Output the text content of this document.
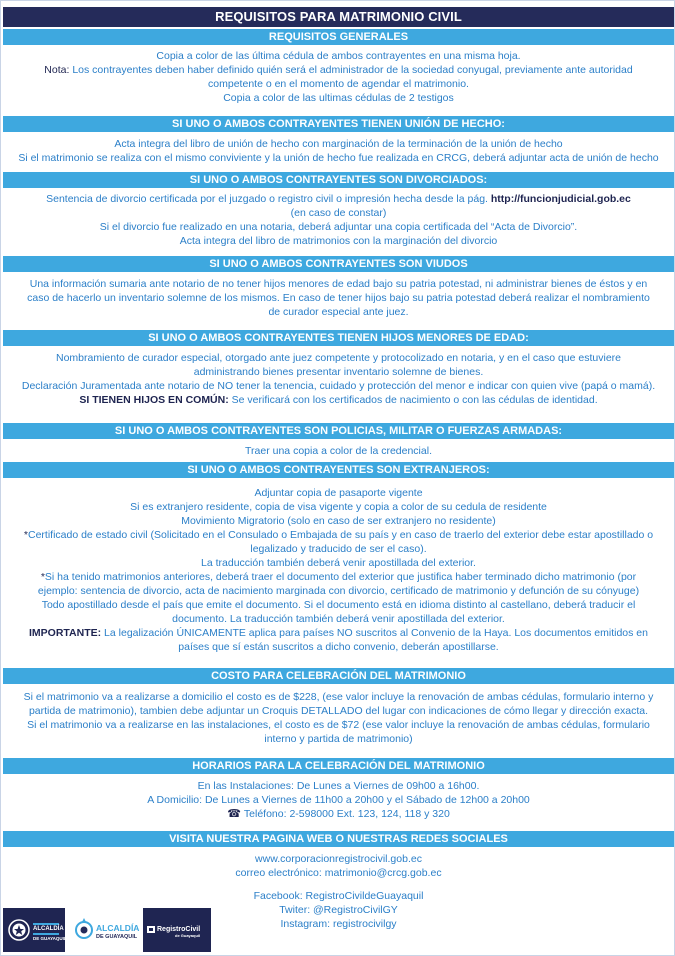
REQUISITOS PARA MATRIMONIO CIVIL
REQUISITOS GENERALES
Copia a color de las última cédula de ambos contrayentes en una misma hoja.
Nota: Los contrayentes deben haber definido quién será el administrador de la sociedad conyugal, previamente ante autoridad
competente o en el momento de agendar el matrimonio.
Copia a color de las ultimas cédulas de 2 testigos
SI UNO O AMBOS CONTRAYENTES TIENEN UNIÓN DE HECHO:
Acta integra del libro de unión de hecho con marginación de la terminación de la unión de hecho
Si el matrimonio se realiza con el mismo conviviente y la unión de hecho fue realizada en CRCG, deberá adjuntar acta de unión de hecho
SI UNO O AMBOS CONTRAYENTES SON DIVORCIADOS:
Sentencia de divorcio certificada por el juzgado o registro civil o impresión hecha desde la pág. http://funcionjudicial.gob.ec
(en caso de constar)
Si el divorcio fue realizado en una notaria, deberá adjuntar una copia certificada del “Acta de Divorcio”.
Acta integra del libro de matrimonios con la marginación del divorcio
SI UNO O AMBOS CONTRAYENTES SON VIUDOS
Una información sumaria ante notario de no tener hijos menores de edad bajo su patria potestad, ni administrar bienes de éstos y en
caso de hacerlo un inventario solemne de los mismos. En caso de tener hijos bajo su patria potestad deberá realizar el nombramiento
de curador especial ante juez.
SI UNO O AMBOS CONTRAYENTES TIENEN HIJOS MENORES DE EDAD:
Nombramiento de curador especial, otorgado ante juez competente y protocolizado en notaria, y en el caso que estuviere
administrando bienes presentar inventario solemne de bienes.
Declaración Juramentada ante notario de NO tener la tenencia, cuidado y protección del menor e indicar con quien vive (papá o mamá).
SI TIENEN HIJOS EN COMÚN: Se verificará con los certificados de nacimiento o con las cédulas de identidad.
SI UNO O AMBOS CONTRAYENTES SON POLICIAS, MILITAR O FUERZAS ARMADAS:
Traer una copia a color de la credencial.
SI UNO O AMBOS CONTRAYENTES SON EXTRANJEROS:
Adjuntar copia de pasaporte vigente
Si es extranjero residente, copia de visa vigente y copia a color de su cedula de residente
Movimiento Migratorio (solo en caso de ser extranjero no residente)
*Certificado de estado civil (Solicitado en el Consulado o Embajada de su país y en caso de traerlo del exterior debe estar apostillado o
legalizado y traducido de ser el caso).
La traducción también deberá venir apostillada del exterior.
*Si ha tenido matrimonios anteriores, deberá traer el documento del exterior que justifica haber terminado dicho matrimonio (por
ejemplo: sentencia de divorcio, acta de nacimiento marginada con divorcio, certificado de matrimonio y defunción de su cónyuge)
Todo apostillado desde el país que emite el documento. Si el documento está en idioma distinto al castellano, deberá traducir el
documento. La traducción también deberá venir apostillada del exterior.
IMPORTANTE: La legalización ÚNICAMENTE aplica para países NO suscritos al Convenio de la Haya. Los documentos emitidos en
países que sí están suscritos a dicho convenio, deberán apostillarse.
COSTO PARA CELEBRACIÓN DEL MATRIMONIO
Si el matrimonio va a realizarse a domicilio el costo es de $228, (ese valor incluye la renovación de ambas cédulas, formulario interno y
partida de matrimonio), tambien debe adjuntar un Croquis DETALLADO del lugar con indicaciones de cómo llegar y dirección exacta.
Si el matrimonio va a realizarse en las instalaciones, el costo es de $72 (ese valor incluye la renovación de ambas cédulas, formulario
interno y partida de matrimonio)
HORARIOS PARA LA CELEBRACIÓN DEL MATRIMONIO
En las Instalaciones: De Lunes a Viernes de 09h00 a 16h00.
A Domicilio: De Lunes a Viernes de 11h00 a 20h00 y el Sábado de 12h00 a 20h00
☎ Teléfono: 2-598000 Ext. 123, 124, 118 y 320
VISITA NUESTRA PAGINA WEB O NUESTRAS REDES SOCIALES
www.corporacionregistrocivil.gob.ec
correo electrónico: matrimonio@crcg.gob.ec
Facebook: RegistroCivildeGuayaquil
Twiter: @RegistroCivilGY
Instagram: registrocivilgy
ALCALDÍA
DE GUAYAQUIL
ALCALDÍA
DE GUAYAQUIL
RegistroCivil
de Guayaquil
